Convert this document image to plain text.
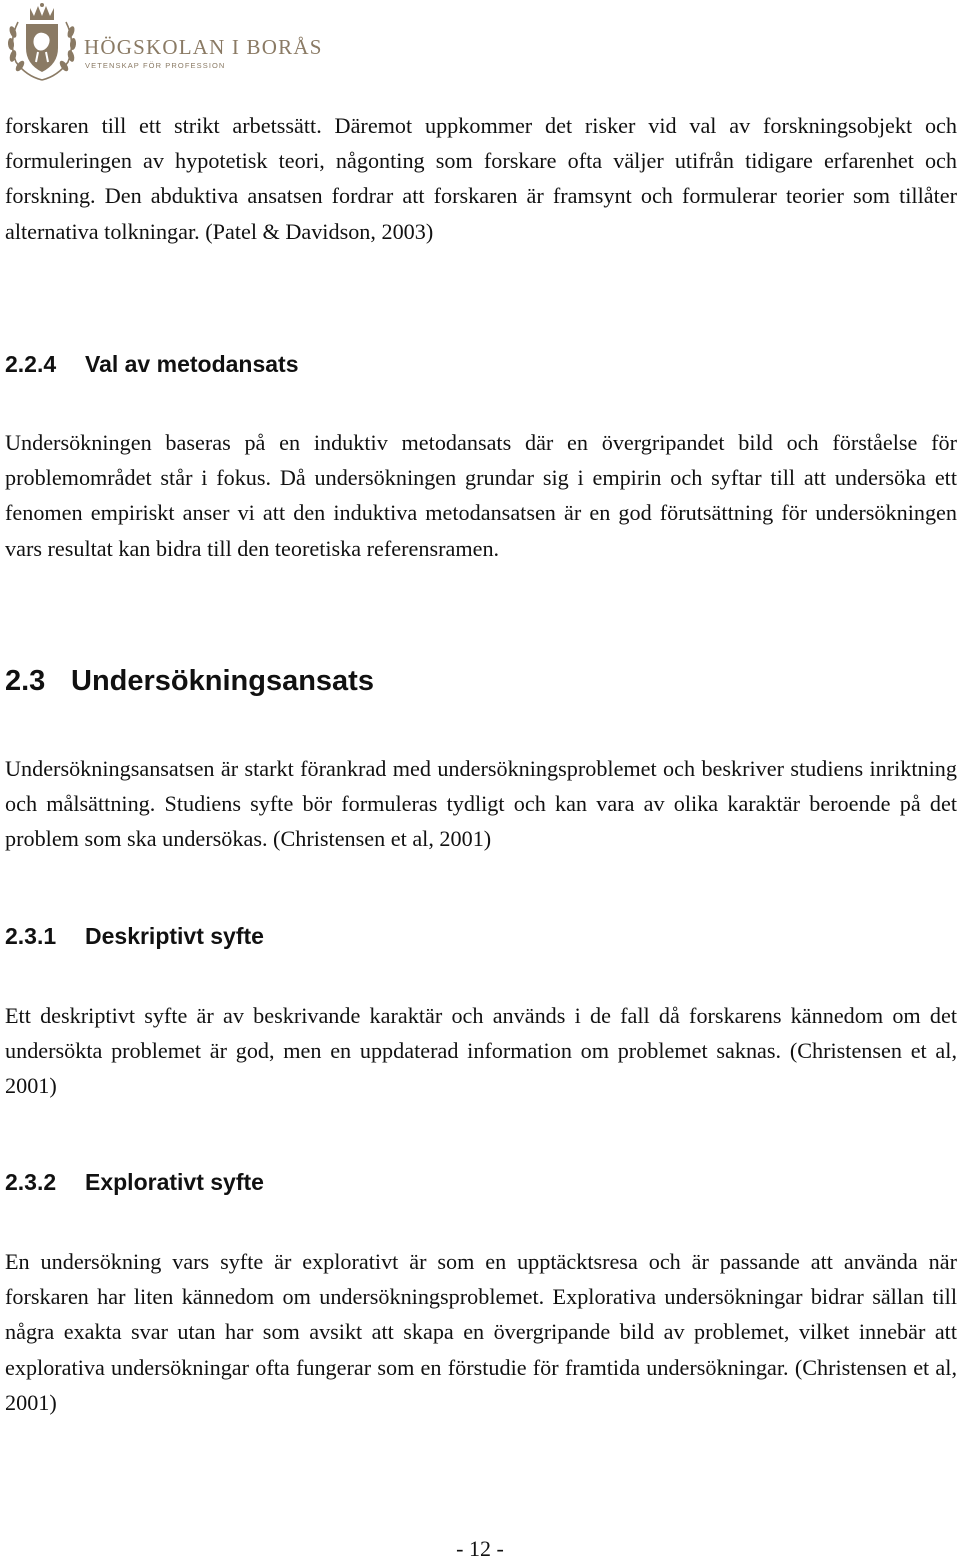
HÖGSKOLAN I BORÅS
VETENSKAP FÖR PROFESSION

forskaren till ett strikt arbetssätt. Däremot uppkommer det risker vid val av forskningsobjekt och formuleringen av hypotetisk teori, någonting som forskare ofta väljer utifrån tidigare erfarenhet och forskning. Den abduktiva ansatsen fordrar att forskaren är framsynt och formulerar teorier som tillåter alternativa tolkningar. (Patel & Davidson, 2003)

2.2.4 Val av metodansats

Undersökningen baseras på en induktiv metodansats där en övergripandet bild och förståelse för problemområdet står i fokus. Då undersökningen grundar sig i empirin och syftar till att undersöka ett fenomen empiriskt anser vi att den induktiva metodansatsen är en god förutsättning för undersökningen vars resultat kan bidra till den teoretiska referensramen.

2.3 Undersökningsansats

Undersökningsansatsen är starkt förankrad med undersökningsproblemet och beskriver studiens inriktning och målsättning. Studiens syfte bör formuleras tydligt och kan vara av olika karaktär beroende på det problem som ska undersökas. (Christensen et al, 2001)

2.3.1 Deskriptivt syfte

Ett deskriptivt syfte är av beskrivande karaktär och används i de fall då forskarens kännedom om det undersökta problemet är god, men en uppdaterad information om problemet saknas. (Christensen et al, 2001)

2.3.2 Explorativt syfte

En undersökning vars syfte är explorativt är som en upptäcktsresa och är passande att använda när forskaren har liten kännedom om undersökningsproblemet. Explorativa undersökningar bidrar sällan till några exakta svar utan har som avsikt att skapa en övergripande bild av problemet, vilket innebär att explorativa undersökningar ofta fungerar som en förstudie för framtida undersökningar. (Christensen et al, 2001)

- 12 -
